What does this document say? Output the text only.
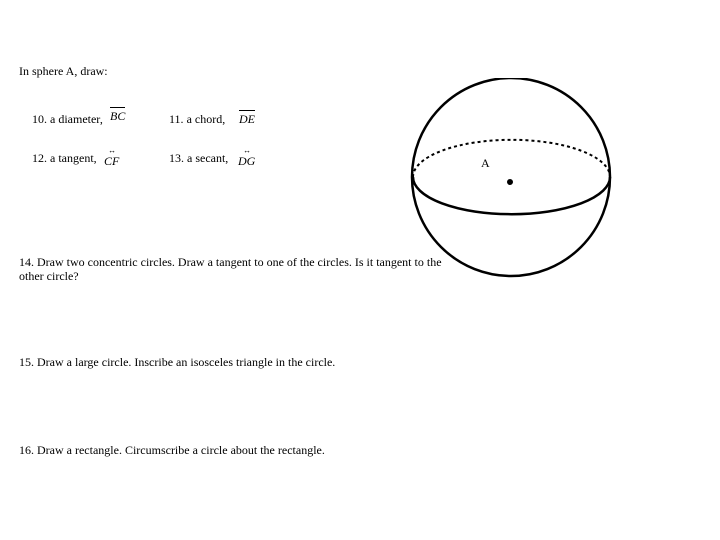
In sphere A, draw:
10. a diameter, BC	11. a chord, DE
12. a tangent,
↔
CF	13. a secant,
↔
DG
14. Draw two concentric circles. Draw a tangent to one of the circles. Is it tangent to the other circle?
15. Draw a large circle. Inscribe an isosceles triangle in the circle.
16. Draw a rectangle. Circumscribe a circle about the rectangle.
A
